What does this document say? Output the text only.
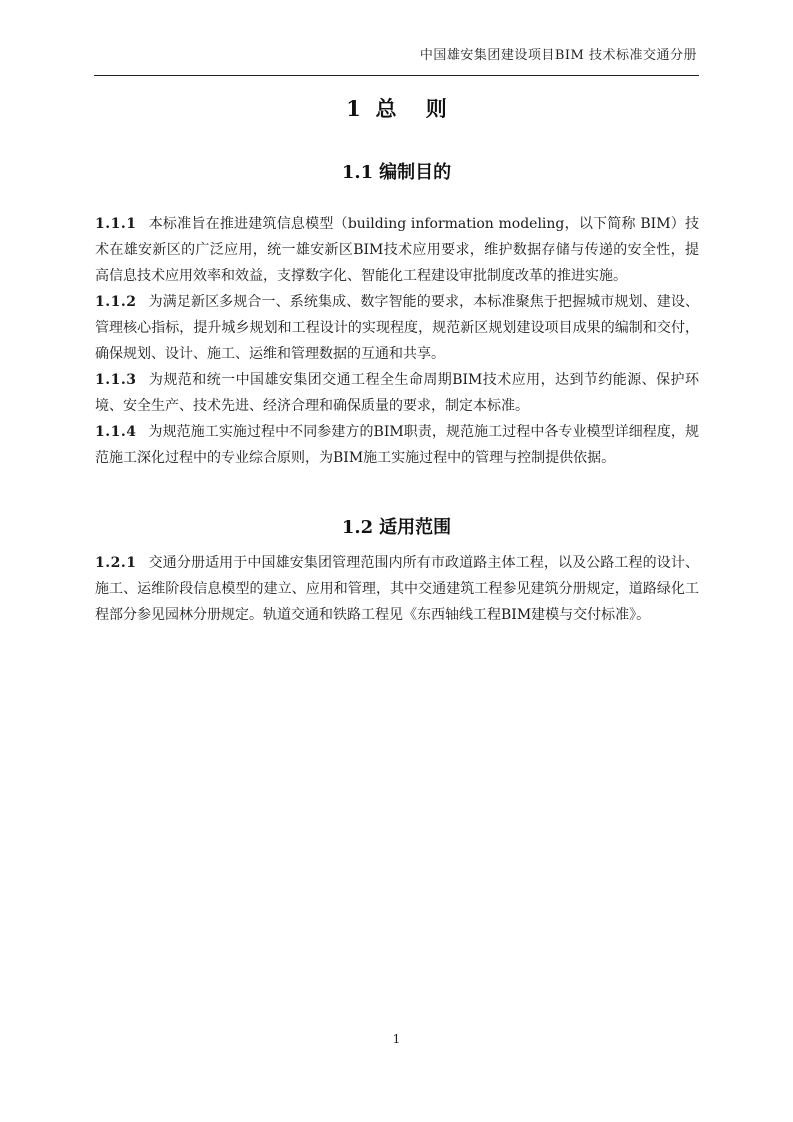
中国雄安集团建设项目BIM 技术标准交通分册
1  总    则
1.1 编制目的

1.1.1 本标准旨在推进建筑信息模型（building information modeling，以下简称 BIM）技术在雄安新区的广泛应用，统一雄安新区BIM技术应用要求，维护数据存储与传递的安全性，提高信息技术应用效率和效益，支撑数字化、智能化工程建设审批制度改革的推进实施。

1.1.2 为满足新区多规合一、系统集成、数字智能的要求，本标准聚焦于把握城市规划、建设、管理核心指标，提升城乡规划和工程设计的实现程度，规范新区规划建设项目成果的编制和交付，确保规划、设计、施工、运维和管理数据的互通和共享。

1.1.3 为规范和统一中国雄安集团交通工程全生命周期BIM技术应用，达到节约能源、保护环境、安全生产、技术先进、经济合理和确保质量的要求，制定本标准。

1.1.4 为规范施工实施过程中不同参建方的BIM职责，规范施工过程中各专业模型详细程度，规范施工深化过程中的专业综合原则，为BIM施工实施过程中的管理与控制提供依据。

1.2 适用范围

1.2.1 交通分册适用于中国雄安集团管理范围内所有市政道路主体工程，以及公路工程的设计、施工、运维阶段信息模型的建立、应用和管理，其中交通建筑工程参见建筑分册规定，道路绿化工程部分参见园林分册规定。轨道交通和铁路工程见《东西轴线工程BIM建模与交付标准》。

1
